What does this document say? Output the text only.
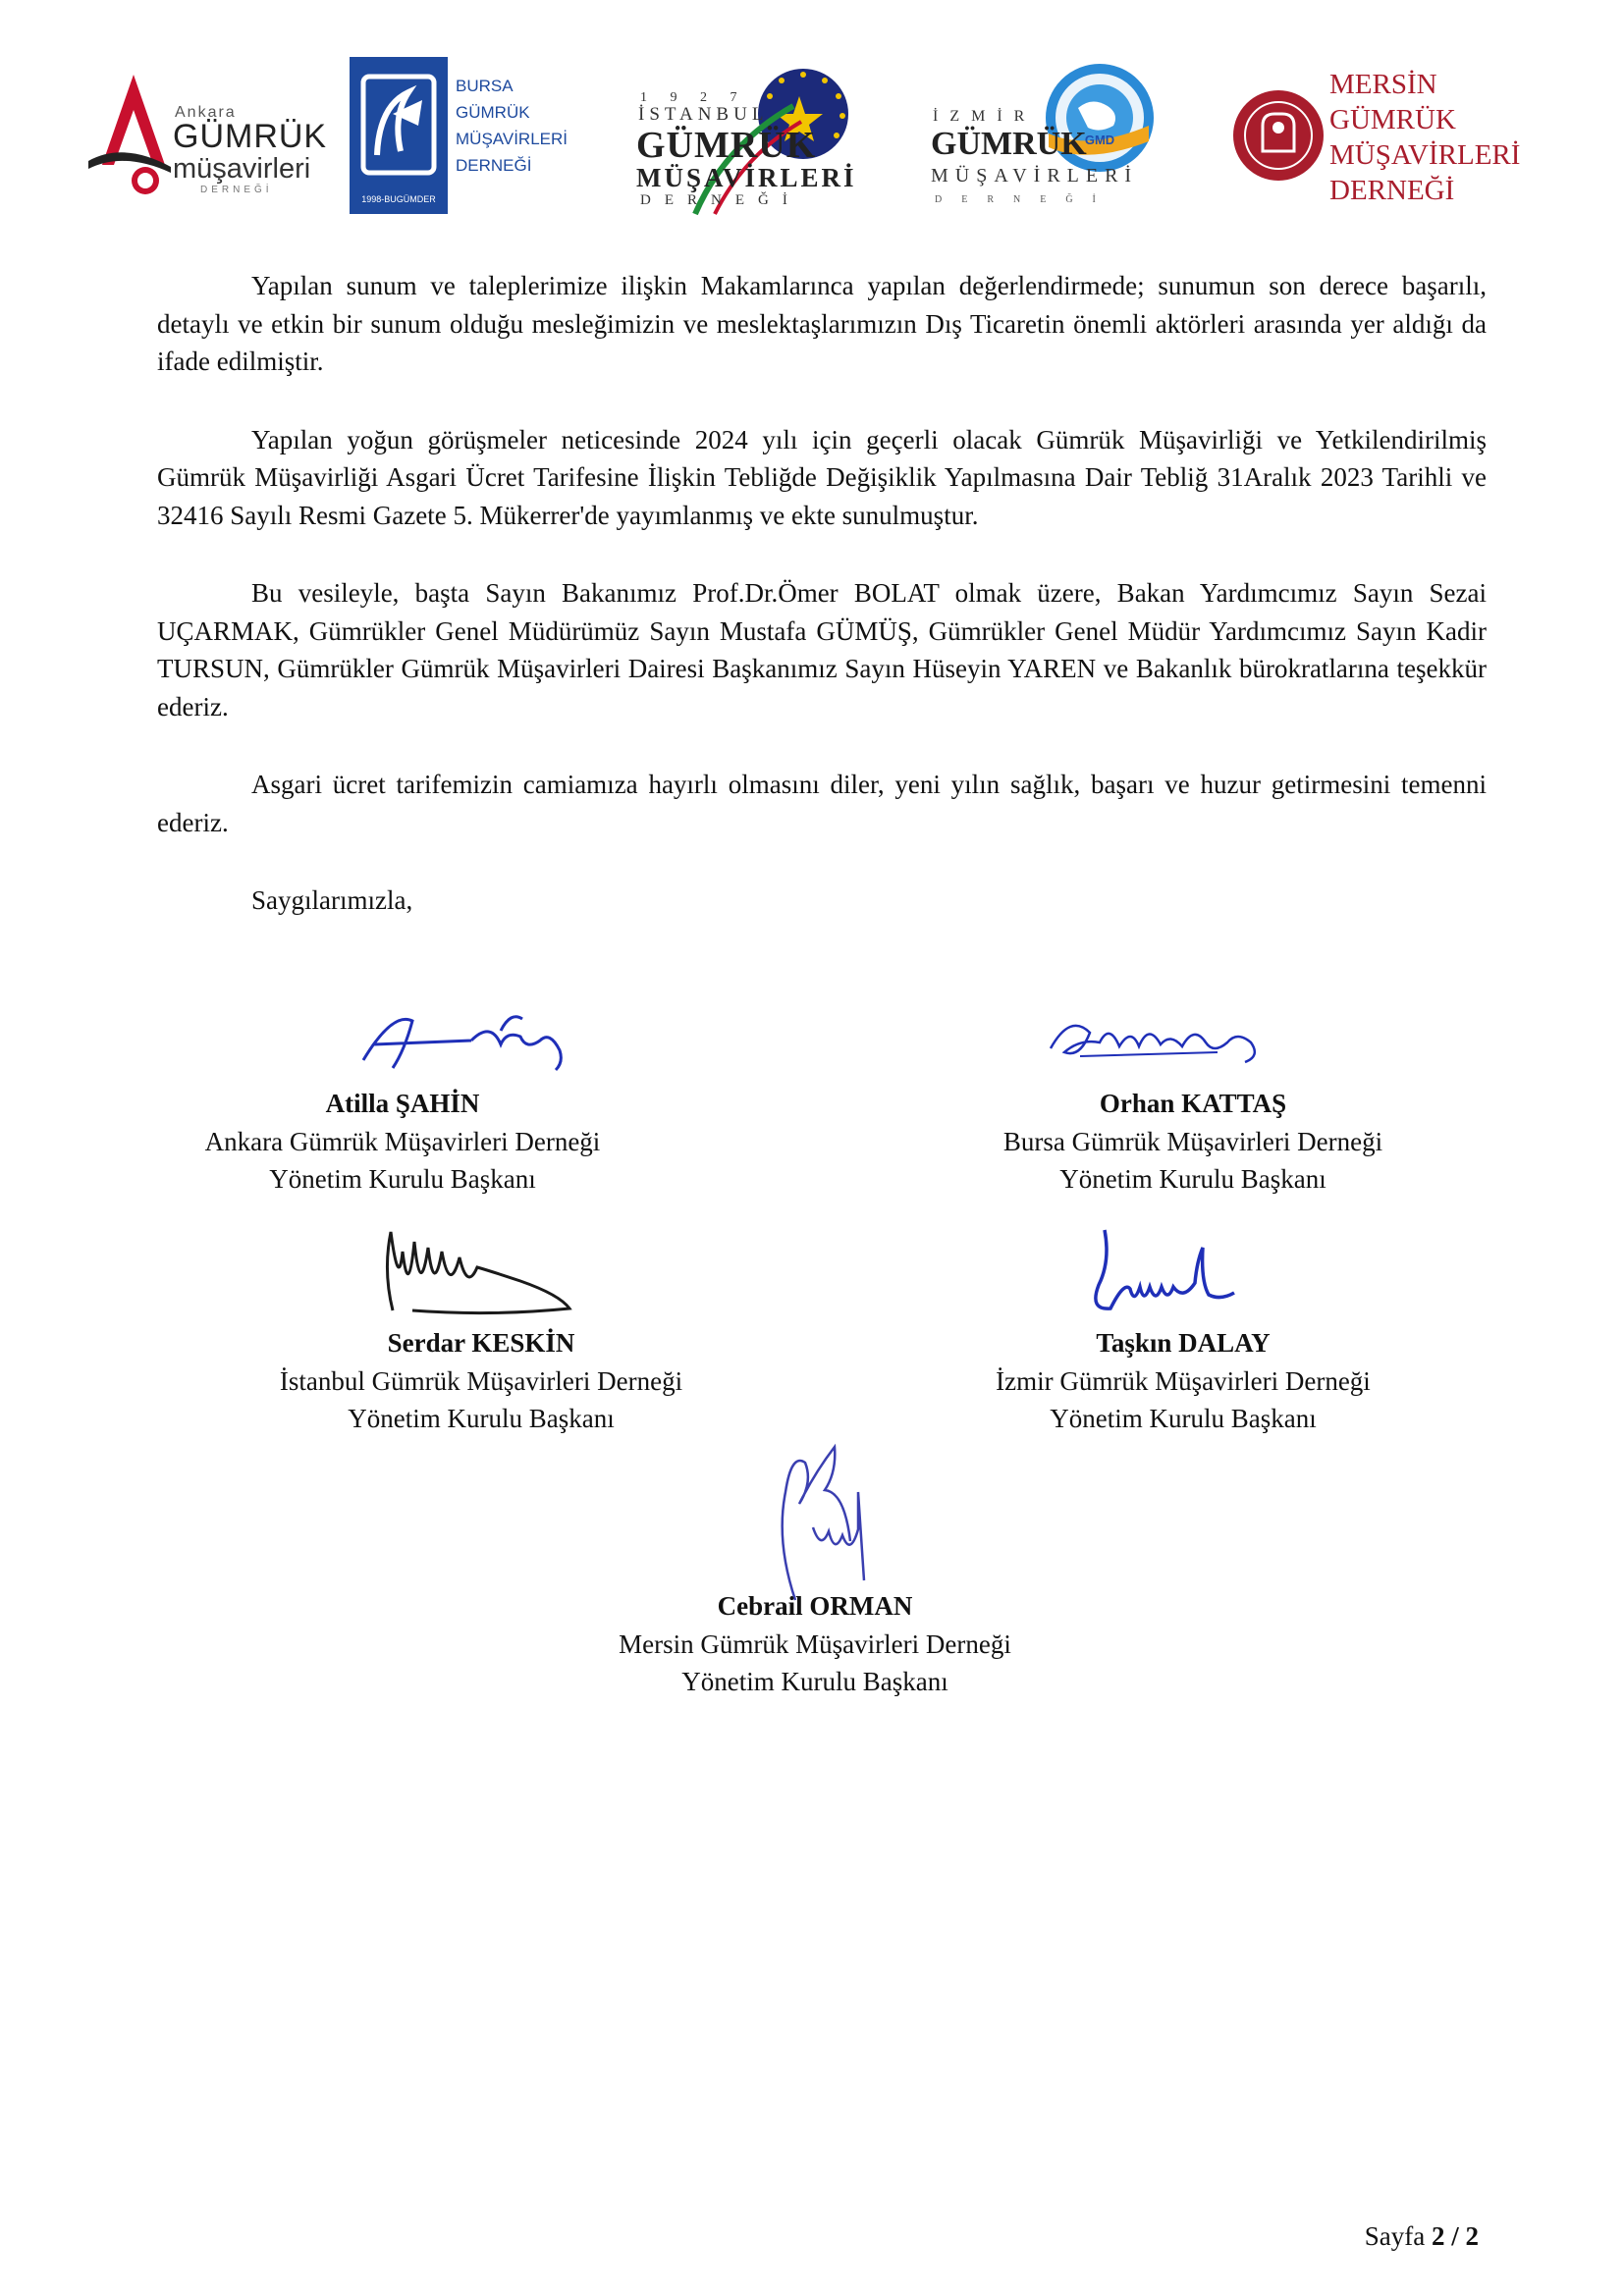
Ankara
GÜMRÜK
müşavirleri
DERNEĞİ
1998-BUGÜMDER
BURSA
GÜMRÜK
MÜŞAVİRLERİ
DERNEĞİ
1 9 2 7
İSTANBUL
GÜMRÜK
MÜŞAVİRLERİ
DERNEĞİ
GMD
İZMİR
GÜMRÜK
MÜŞAVİRLERİ
DERNEĞİ
MERSİN
GÜMRÜK
MÜŞAVİRLERİ
DERNEĞİ

Yapılan sunum ve taleplerimize ilişkin Makamlarınca yapılan değerlendirmede; sunumun son derece başarılı, detaylı ve etkin bir sunum olduğu mesleğimizin ve meslektaşlarımızın Dış Ticaretin önemli aktörleri arasında yer aldığı da ifade edilmiştir.

Yapılan yoğun görüşmeler neticesinde 2024 yılı için geçerli olacak Gümrük Müşavirliği ve Yetkilendirilmiş Gümrük Müşavirliği Asgari Ücret Tarifesine İlişkin Tebliğde Değişiklik Yapılmasına Dair Tebliğ 31Aralık 2023 Tarihli ve 32416 Sayılı Resmi Gazete 5. Mükerrer'de yayımlanmış ve ekte sunulmuştur.

Bu vesileyle, başta Sayın Bakanımız Prof.Dr.Ömer BOLAT olmak üzere, Bakan Yardımcımız Sayın Sezai UÇARMAK, Gümrükler Genel Müdürümüz Sayın Mustafa GÜMÜŞ, Gümrükler Genel Müdür Yardımcımız Sayın Kadir TURSUN, Gümrükler Gümrük Müşavirleri Dairesi Başkanımız Sayın Hüseyin YAREN ve Bakanlık bürokratlarına teşekkür ederiz.

Asgari ücret tarifemizin camiamıza hayırlı olmasını diler, yeni yılın sağlık, başarı ve huzur getirmesini temenni ederiz.

Saygılarımızla,

Atilla ŞAHİN
Ankara Gümrük Müşavirleri Derneği
Yönetim Kurulu Başkanı
Orhan KATTAŞ
Bursa Gümrük Müşavirleri Derneği
Yönetim Kurulu Başkanı
Serdar KESKİN
İstanbul Gümrük Müşavirleri Derneği
Yönetim Kurulu Başkanı
Taşkın DALAY
İzmir Gümrük Müşavirleri Derneği
Yönetim Kurulu Başkanı
Cebrail ORMAN
Mersin Gümrük Müşavirleri Derneği
Yönetim Kurulu Başkanı
Sayfa 2 / 2
